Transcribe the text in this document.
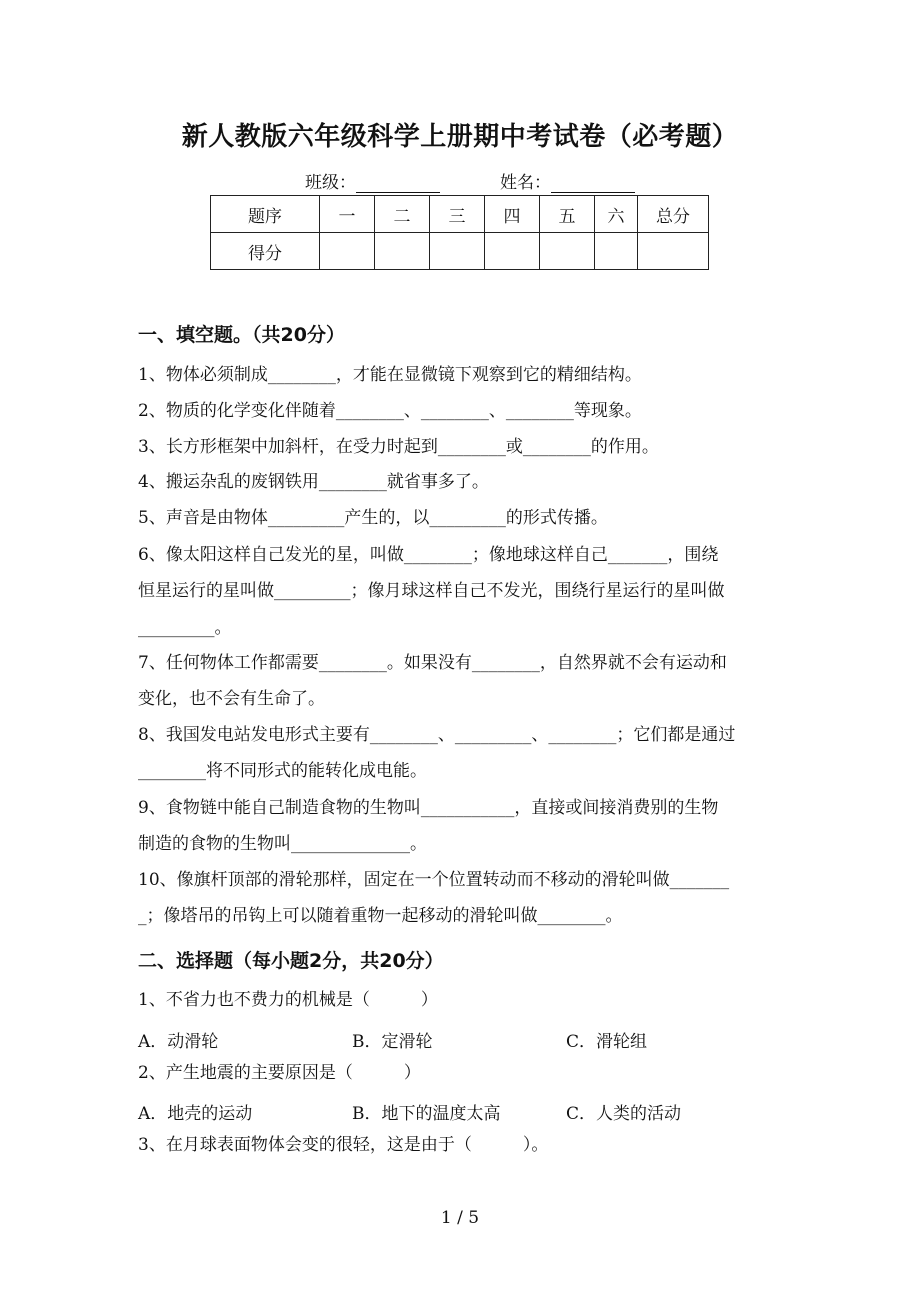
新人教版六年级科学上册期中考试卷（必考题）
班级：	姓名：
题序	一	二	三	四	五	六	总分
得分							
一、填空题。（共20分）
1、物体必须制成________，才能在显微镜下观察到它的精细结构。
2、物质的化学变化伴随着________、________、________等现象。
3、长方形框架中加斜杆，在受力时起到________或________的作用。
4、搬运杂乱的废钢铁用________就省事多了。
5、声音是由物体_________产生的，以_________的形式传播。
6、像太阳这样自己发光的星，叫做________；像地球这样自己_______，围绕
恒星运行的星叫做_________；像月球这样自己不发光，围绕行星运行的星叫做
_________。
7、任何物体工作都需要________。如果没有________，自然界就不会有运动和
变化，也不会有生命了。
8、我国发电站发电形式主要有________、_________、________；它们都是通过
________将不同形式的能转化成电能。
9、食物链中能自己制造食物的生物叫___________，直接或间接消费别的生物
制造的食物的生物叫______________。
10、像旗杆顶部的滑轮那样，固定在一个位置转动而不移动的滑轮叫做_______
_；像塔吊的吊钩上可以随着重物一起移动的滑轮叫做________。
二、选择题（每小题2分，共20分）
1、不省力也不费力的机械是（　　　）
A．动滑轮	B．定滑轮	C．滑轮组
2、产生地震的主要原因是（　　　）
A．地壳的运动	B．地下的温度太高	C．人类的活动
3、在月球表面物体会变的很轻，这是由于（　　　）。
1 / 5
